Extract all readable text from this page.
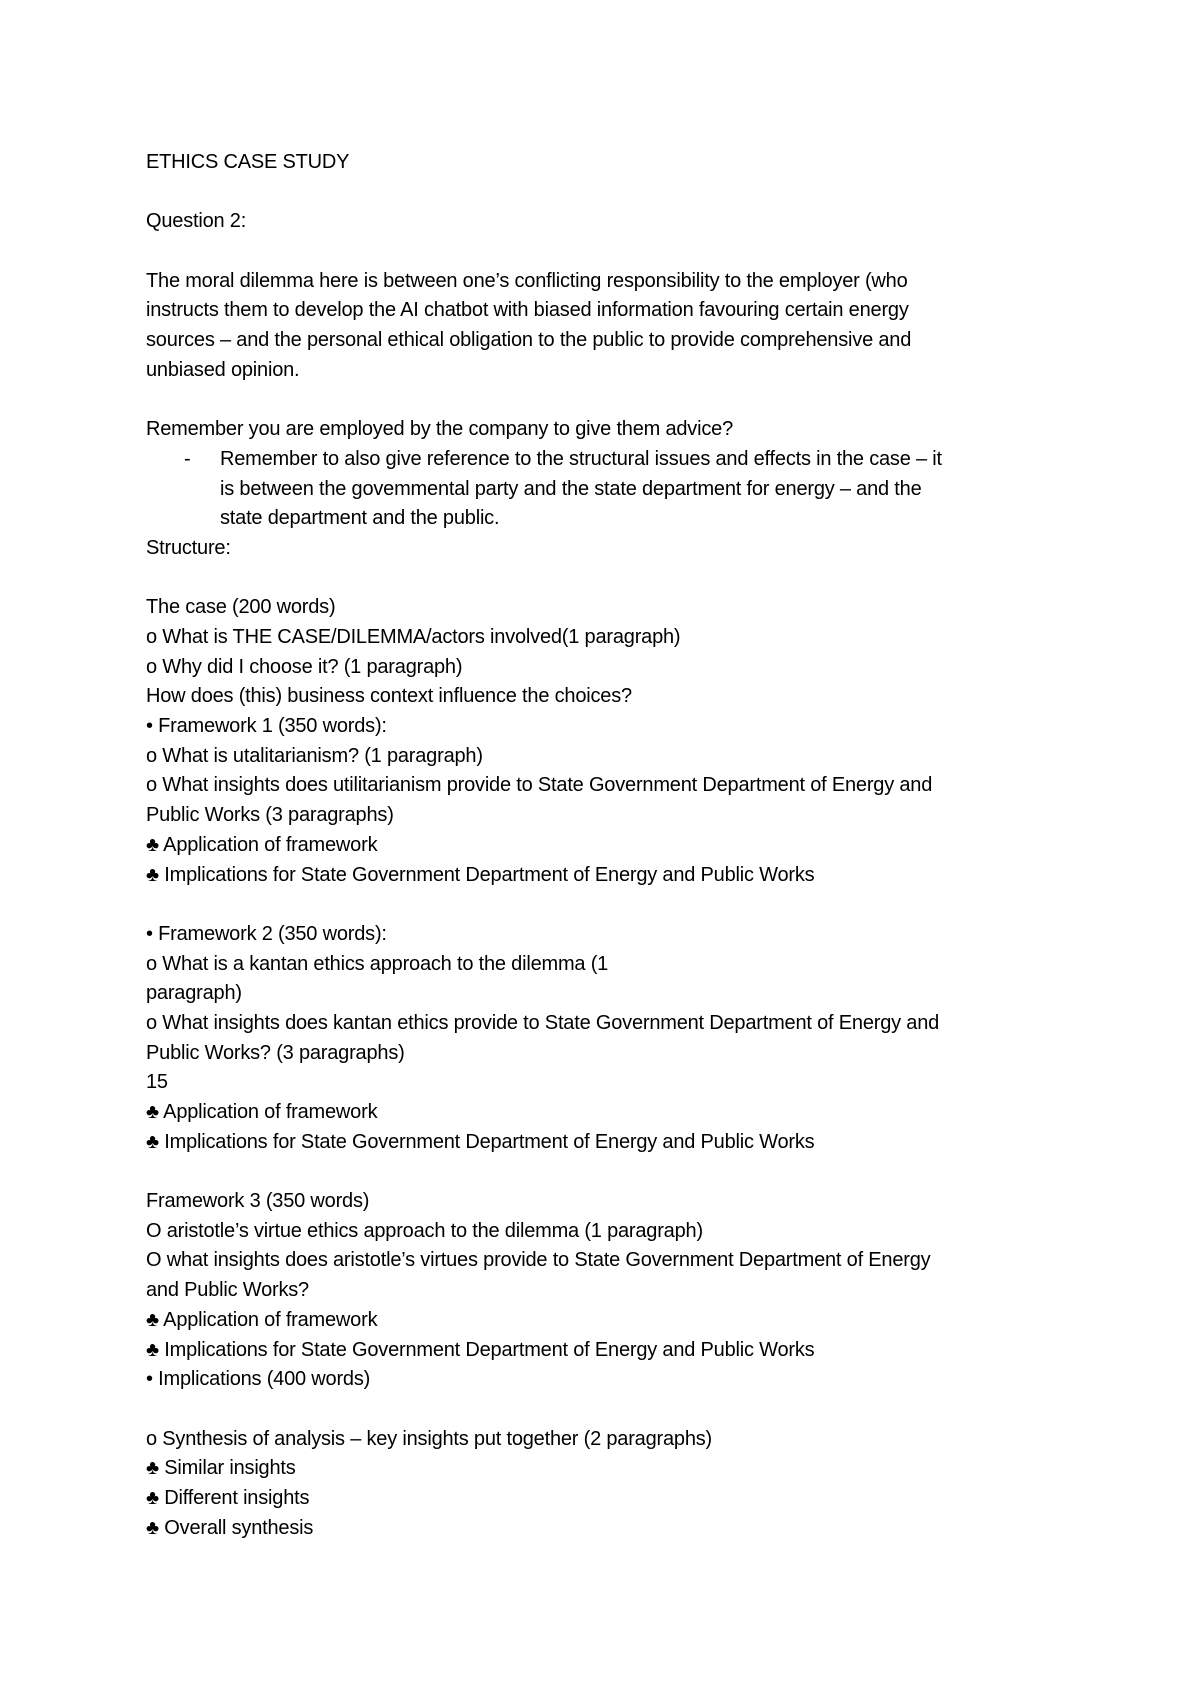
ETHICS CASE STUDY
Question 2:
The moral dilemma here is between one’s conflicting responsibility to the employer (who
instructs them to develop the AI chatbot with biased information favouring certain energy
sources – and the personal ethical obligation to the public to provide comprehensive and
unbiased opinion.
Remember you are employed by the company to give them advice?
-	Remember to also give reference to the structural issues and effects in the case – it
is between the govemmental party and the state department for energy – and the
state department and the public.
Structure:
The case (200 words)
o What is THE CASE/DILEMMA/actors involved(1 paragraph)
o Why did I choose it? (1 paragraph)
How does (this) business context influence the choices?
• Framework 1 (350 words):
o What is utalitarianism? (1 paragraph)
o What insights does utilitarianism provide to State Government Department of Energy and
Public Works (3 paragraphs)
♣ Application of framework
♣ Implications for State Government Department of Energy and Public Works
• Framework 2 (350 words):
o What is a kantan ethics approach to the dilemma (1
paragraph)
o What insights does kantan ethics provide to State Government Department of Energy and
Public Works? (3 paragraphs)
15
♣ Application of framework
♣ Implications for State Government Department of Energy and Public Works
Framework 3 (350 words)
O aristotle’s virtue ethics approach to the dilemma (1 paragraph)
O what insights does aristotle’s virtues provide to State Government Department of Energy
and Public Works?
♣ Application of framework
♣ Implications for State Government Department of Energy and Public Works
• Implications (400 words)
o Synthesis of analysis – key insights put together (2 paragraphs)
♣ Similar insights
♣ Different insights
♣ Overall synthesis
